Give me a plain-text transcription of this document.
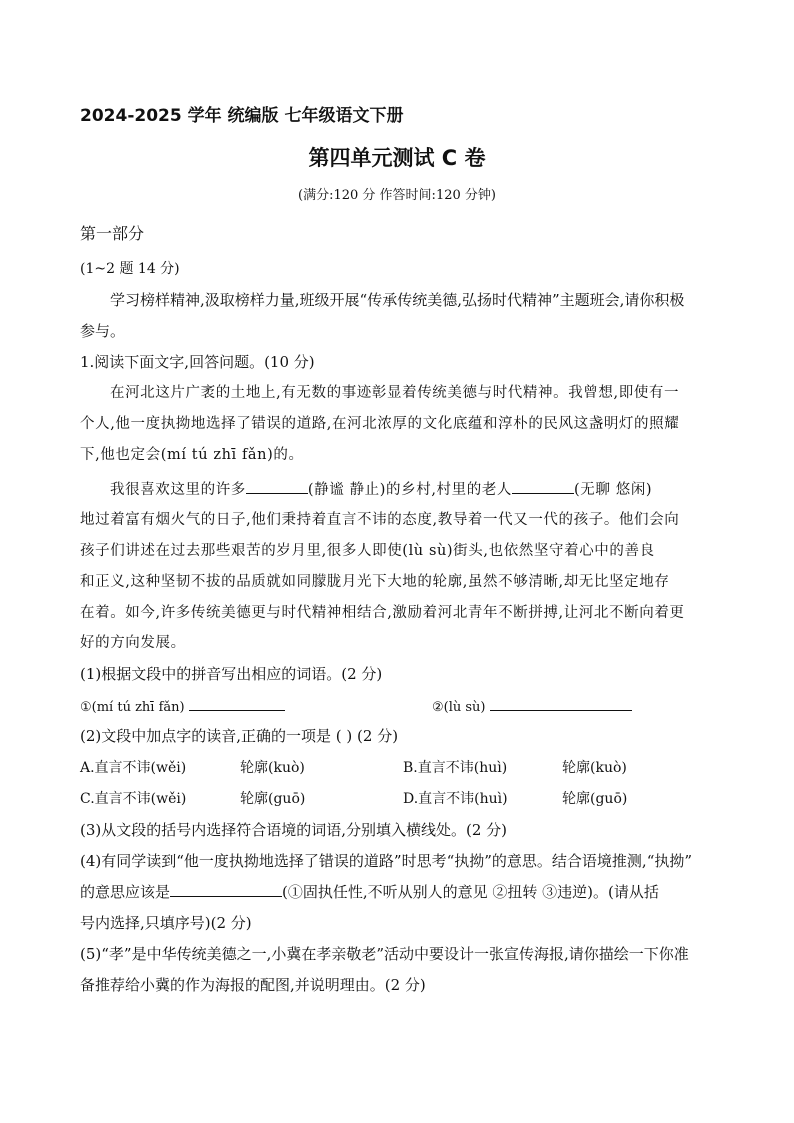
2024-2025 学年 统编版 七年级语文下册
第四单元测试 C 卷
(满分:120 分 作答时间:120 分钟)
第一部分
(1~2 题 14 分)
学习榜样精神,汲取榜样力量,班级开展“传承传统美德,弘扬时代精神”主题班会,请你积极
参与。
1.阅读下面文字,回答问题。(10 分)
在河北这片广袤的土地上,有无数的事迹彰显着传统美德与时代精神。我曾想,即使有一
个人,他一度执拗地选择了错误的道路,在河北浓厚的文化底蕴和淳朴的民风这盏明灯的照耀
下,他也定会(mí tú zhī fǎn)的。
我很喜欢这里的许多	(静谧 静止)的乡村,村里的老人	(无聊 悠闲)
地过着富有烟火气的日子,他们秉持着直言不讳的态度,教导着一代又一代的孩子。他们会向
孩子们讲述在过去那些艰苦的岁月里,很多人即使(lù sù)街头,也依然坚守着心中的善良
和正义,这种坚韧不拔的品质就如同朦胧月光下大地的轮廓,虽然不够清晰,却无比坚定地存
在着。如今,许多传统美德更与时代精神相结合,激励着河北青年不断拼搏,让河北不断向着更
好的方向发展。
(1)根据文段中的拼音写出相应的词语。(2 分)
①(mí tú zhī fǎn)	②(lù sù)
(2)文段中加点字的读音,正确的一项是 ( ) (2 分)
A.直言不讳(wěi)	轮廓(kuò)	B.直言不讳(huì)	轮廓(kuò)
C.直言不讳(wěi)	轮廓(guō)	D.直言不讳(huì)	轮廓(guō)
(3)从文段的括号内选择符合语境的词语,分别填入横线处。(2 分)
(4)有同学读到“他一度执拗地选择了错误的道路”时思考“执拗”的意思。结合语境推测,“执拗”
的意思应该是	(①固执任性,不听从别人的意见 ②扭转 ③违逆)。(请从括
号内选择,只填序号)(2 分)
(5)“孝”是中华传统美德之一,小冀在孝亲敬老”活动中要设计一张宣传海报,请你描绘一下你准
备推荐给小冀的作为海报的配图,并说明理由。(2 分)
